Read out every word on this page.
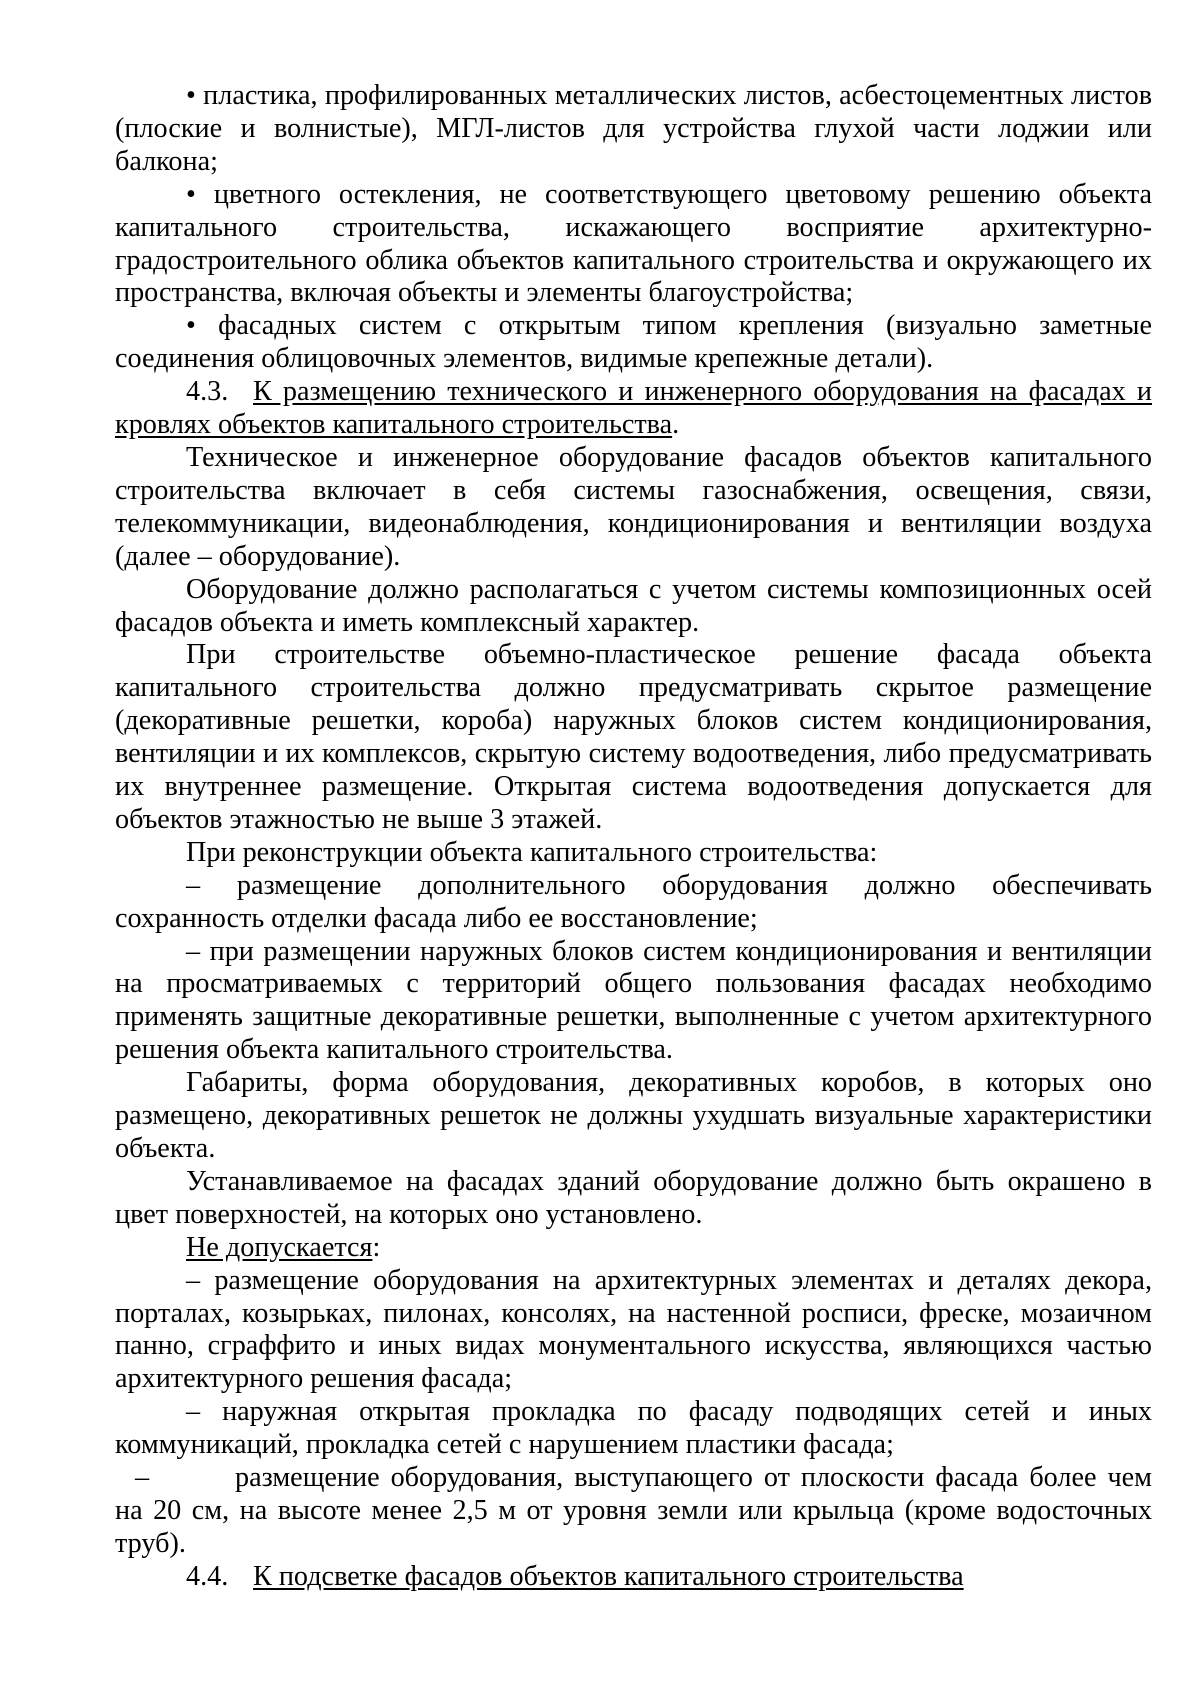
• пластика, профилированных металлических листов, асбестоцементных листов (плоские и волнистые), МГЛ-листов для устройства глухой части лоджии или балкона;

• цветного остекления, не соответствующего цветовому решению объекта капитального строительства, искажающего восприятие архитектурно-градостроительного облика объектов капитального строительства и окружающего их пространства, включая объекты и элементы благоустройства;

• фасадных систем с открытым типом крепления (визуально заметные соединения облицовочных элементов, видимые крепежные детали).

4.3. К размещению технического и инженерного оборудования на фасадах и кровлях объектов капитального строительства.

Техническое и инженерное оборудование фасадов объектов капитального строительства включает в себя системы газоснабжения, освещения, связи, телекоммуникации, видеонаблюдения, кондиционирования и вентиляции воздуха (далее – оборудование).

Оборудование должно располагаться с учетом системы композиционных осей фасадов объекта и иметь комплексный характер.

При строительстве объемно-пластическое решение фасада объекта капитального строительства должно предусматривать скрытое размещение (декоративные решетки, короба) наружных блоков систем кондиционирования, вентиляции и их комплексов, скрытую систему водоотведения, либо предусматривать их внутреннее размещение. Открытая система водоотведения допускается для объектов этажностью не выше 3 этажей.

При реконструкции объекта капитального строительства:

– размещение дополнительного оборудования должно обеспечивать сохранность отделки фасада либо ее восстановление;

– при размещении наружных блоков систем кондиционирования и вентиляции на просматриваемых с территорий общего пользования фасадах необходимо применять защитные декоративные решетки, выполненные с учетом архитектурного решения объекта капитального строительства.

Габариты, форма оборудования, декоративных коробов, в которых оно размещено, декоративных решеток не должны ухудшать визуальные характеристики объекта.

Устанавливаемое на фасадах зданий оборудование должно быть окрашено в цвет поверхностей, на которых оно установлено.

Не допускается:

– размещение оборудования на архитектурных элементах и деталях декора, порталах, козырьках, пилонах, консолях, на настенной росписи, фреске, мозаичном панно, сграффито и иных видах монументального искусства, являющихся частью архитектурного решения фасада;

– наружная открытая прокладка по фасаду подводящих сетей и иных коммуникаций, прокладка сетей с нарушением пластики фасада;

–	размещение оборудования, выступающего от плоскости фасада более чем на 20 см, на высоте менее 2,5 м от уровня земли или крыльца (кроме водосточных труб).

4.4. К подсветке фасадов объектов капитального строительства
